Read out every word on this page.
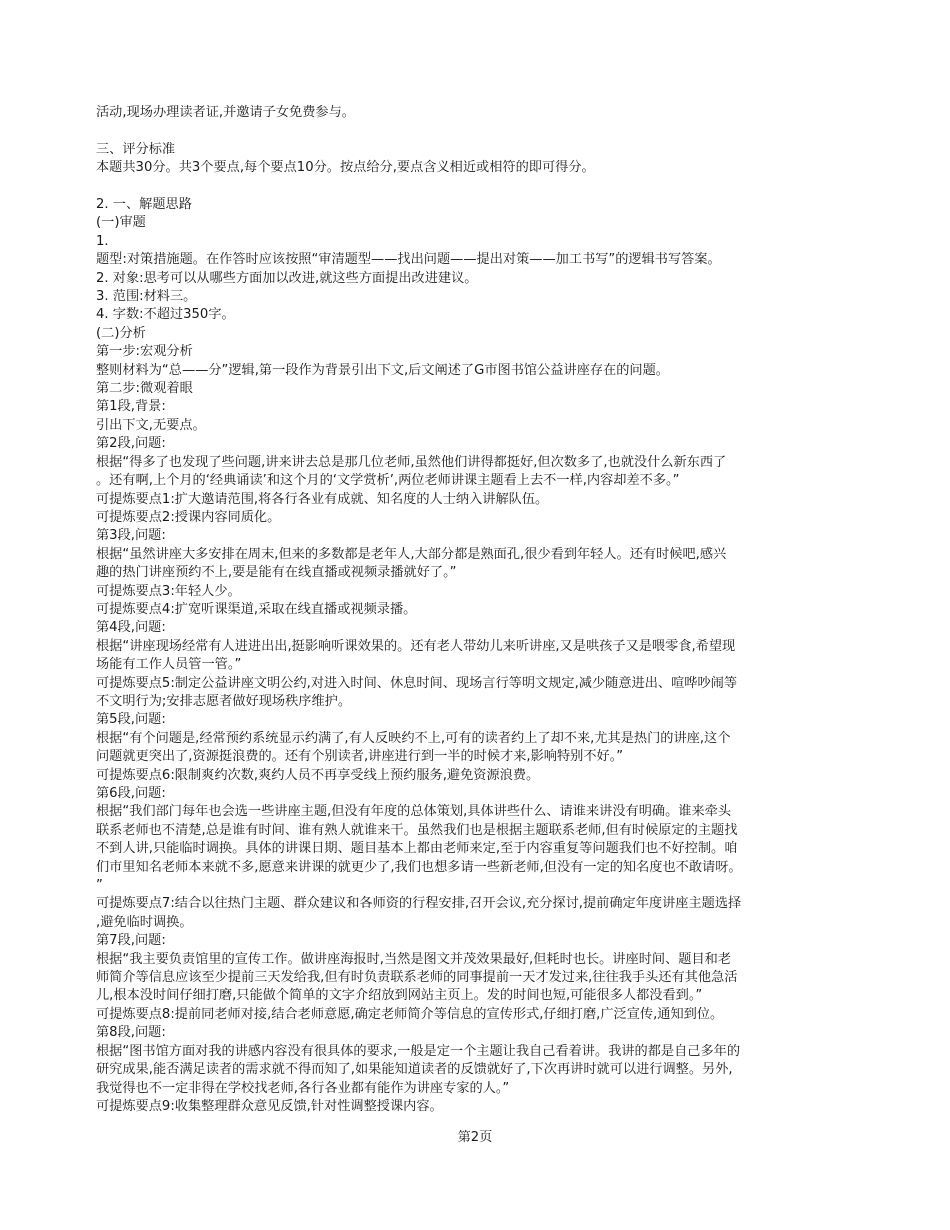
活动,现场办理读者证,并邀请子女免费参与。
三、评分标准
本题共30分。共3个要点,每个要点10分。按点给分,要点含义相近或相符的即可得分。
2. 一、解题思路
(一)审题
1.
题型:对策措施题。在作答时应该按照“审清题型——找出问题——提出对策——加工书写”的逻辑书写答案。
2. 对象:思考可以从哪些方面加以改进,就这些方面提出改进建议。
3. 范围:材料三。
4. 字数:不超过350字。
(二)分析
第一步:宏观分析
整则材料为“总——分”逻辑,第一段作为背景引出下文,后文阐述了G市图书馆公益讲座存在的问题。
第二步:微观着眼
第1段,背景:
引出下文,无要点。
第2段,问题:
根据“得多了也发现了些问题,讲来讲去总是那几位老师,虽然他们讲得都挺好,但次数多了,也就没什么新东西了
。还有啊,上个月的‘经典诵读’和这个月的‘文学赏析’,两位老师讲课主题看上去不一样,内容却差不多。”
可提炼要点1:扩大邀请范围,将各行各业有成就、知名度的人士纳入讲解队伍。
可提炼要点2:授课内容同质化。
第3段,问题:
根据“虽然讲座大多安排在周末,但来的多数都是老年人,大部分都是熟面孔,很少看到年轻人。还有时候吧,感兴
趣的热门讲座预约不上,要是能有在线直播或视频录播就好了。”
可提炼要点3:年轻人少。
可提炼要点4:扩宽听课渠道,采取在线直播或视频录播。
第4段,问题:
根据“讲座现场经常有人进进出出,挺影响听课效果的。还有老人带幼儿来听讲座,又是哄孩子又是喂零食,希望现
场能有工作人员管一管。”
可提炼要点5:制定公益讲座文明公约,对进入时间、休息时间、现场言行等明文规定,减少随意进出、喧哗吵闹等
不文明行为;安排志愿者做好现场秩序维护。
第5段,问题:
根据“有个问题是,经常预约系统显示约满了,有人反映约不上,可有的读者约上了却不来,尤其是热门的讲座,这个
问题就更突出了,资源挺浪费的。还有个别读者,讲座进行到一半的时候才来,影响特别不好。”
可提炼要点6:限制爽约次数,爽约人员不再享受线上预约服务,避免资源浪费。
第6段,问题:
根据“我们部门每年也会选一些讲座主题,但没有年度的总体策划,具体讲些什么、请谁来讲没有明确。谁来牵头
联系老师也不清楚,总是谁有时间、谁有熟人就谁来干。虽然我们也是根据主题联系老师,但有时候原定的主题找
不到人讲,只能临时调换。具体的讲课日期、题目基本上都由老师来定,至于内容重复等问题我们也不好控制。咱
们市里知名老师本来就不多,愿意来讲课的就更少了,我们也想多请一些新老师,但没有一定的知名度也不敢请呀。
”
可提炼要点7:结合以往热门主题、群众建议和各师资的行程安排,召开会议,充分探讨,提前确定年度讲座主题选择
,避免临时调换。
第7段,问题:
根据“我主要负责馆里的宣传工作。做讲座海报时,当然是图文并茂效果最好,但耗时也长。讲座时间、题目和老
师简介等信息应该至少提前三天发给我,但有时负责联系老师的同事提前一天才发过来,往往我手头还有其他急活
儿,根本没时间仔细打磨,只能做个简单的文字介绍放到网站主页上。发的时间也短,可能很多人都没看到。”
可提炼要点8:提前同老师对接,结合老师意愿,确定老师简介等信息的宣传形式,仔细打磨,广泛宣传,通知到位。
第8段,问题:
根据“图书馆方面对我的讲感内容没有很具体的要求,一般是定一个主题让我自己看着讲。我讲的都是自己多年的
研究成果,能否满足读者的需求就不得而知了,如果能知道读者的反馈就好了,下次再讲时就可以进行调整。另外,
我觉得也不一定非得在学校找老师,各行各业都有能作为讲座专家的人。”
可提炼要点9:收集整理群众意见反馈,针对性调整授课内容。
第2页
